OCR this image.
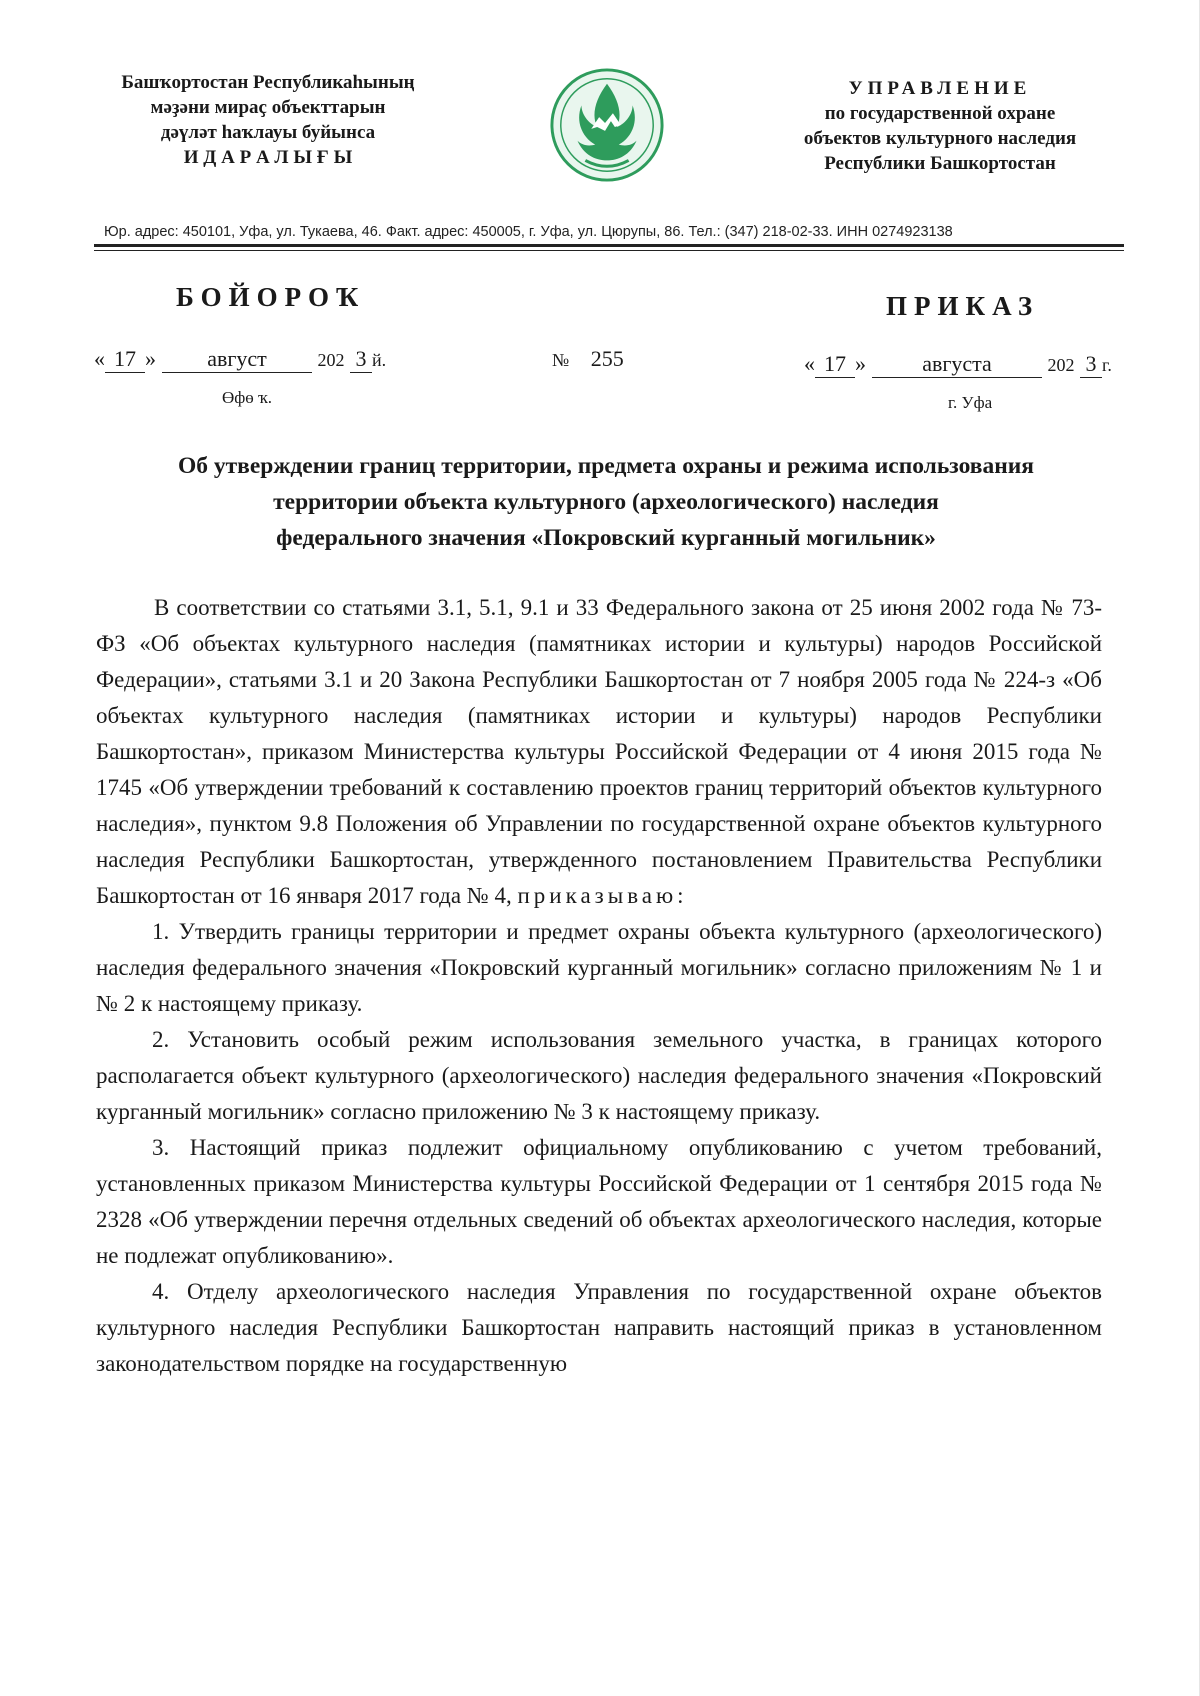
Башҡортостан Республикаһының
мәҙәни мираҫ объекттарын
дәүләт һаҡлауы буйынса
И Д А Р А Л Ы Ғ Ы
УПРАВЛЕНИЕ
по государственной охране
объектов культурного наследия
Республики Башкортостан
Юр. адрес: 450101, Уфа, ул. Тукаева, 46. Факт. адрес: 450005, г. Уфа, ул. Цюрупы, 86. Тел.: (347) 218-02-33. ИНН 0274923138
БОЙОРОҠ	ПРИКАЗ
« 17 » август	202 3 й.
Өфө ҡ.
№ 255	« 17 »	августа	202 3 г.
г. Уфа
Об утверждении границ территории, предмета охраны и режима использования
территории объекта культурного (археологического) наследия
федерального значения «Покровский курганный могильник»

В соответствии со статьями 3.1, 5.1, 9.1 и 33 Федерального закона от 25 июня 2002 года № 73-ФЗ «Об объектах культурного наследия (памятниках истории и культуры) народов Российской Федерации», статьями 3.1 и 20 Закона Республики Башкортостан от 7 ноября 2005 года № 224-з «Об объектах культурного наследия (памятниках истории и культуры) народов Республики Башкортостан», приказом Министерства культуры Российской Федерации от 4 июня 2015 года № 1745 «Об утверждении требований к составлению проектов границ территорий объектов культурного наследия», пунктом 9.8 Положения об Управлении по государственной охране объектов культурного наследия Республики Башкортостан, утвержденного постановлением Правительства Республики Башкортостан от 16 января 2017 года № 4, приказываю:

1. Утвердить границы территории и предмет охраны объекта культурного (археологического) наследия федерального значения «Покровский курганный могильник» согласно приложениям № 1 и № 2 к настоящему приказу.

2. Установить особый режим использования земельного участка, в границах которого располагается объект культурного (археологического) наследия федерального значения «Покровский курганный могильник» согласно приложению № 3 к настоящему приказу.

3. Настоящий приказ подлежит официальному опубликованию с учетом требований, установленных приказом Министерства культуры Российской Федерации от 1 сентября 2015 года № 2328 «Об утверждении перечня отдельных сведений об объектах археологического наследия, которые не подлежат опубликованию».

4. Отделу археологического наследия Управления по государственной охране объектов культурного наследия Республики Башкортостан направить настоящий приказ в установленном законодательством порядке на государственную
